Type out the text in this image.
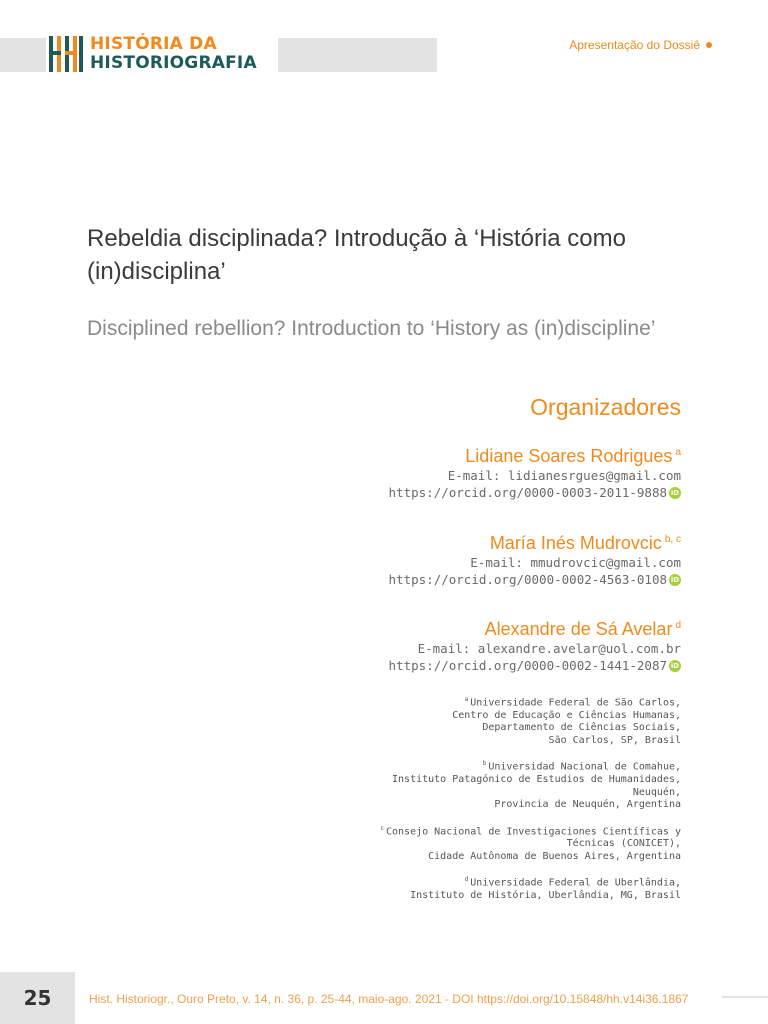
HISTÓRIA DA
HISTORIOGRAFIA
Apresentação do Dossiê
Rebeldia disciplinada? Introdução à ‘História como (in)disciplina’
Disciplined rebellion? Introduction to ‘History as (in)discipline’
Organizadores
Lidiane Soares Rodrigues $^a$
E-mail: lidianesrgues@gmail.com
https://orcid.org/0000-0003-2011-9888 iD
María Inés Mudrovcic $^{b, c}$
E-mail: mmudrovcic@gmail.com
https://orcid.org/0000-0002-4563-0108 iD
Alexandre de Sá Avelar $^d$
E-mail: alexandre.avelar@uol.com.br
https://orcid.org/0000-0002-1441-2087 iD
$^a$ Universidade Federal de São Carlos,
Centro de Educação e Ciências Humanas,
Departamento de Ciências Sociais,
São Carlos, SP, Brasil
$^b$ Universidad Nacional de Comahue,
Instituto Patagónico de Estudios de Humanidades,
Neuquén,
Provincia de Neuquén, Argentina
$^c$ Consejo Nacional de Investigaciones Científicas y
Técnicas (CONICET),
Cidade Autônoma de Buenos Aires, Argentina
$^d$ Universidade Federal de Uberlândia,
Instituto de História, Uberlândia, MG, Brasil
25	Hist. Historiogr., Ouro Preto, v. 14, n. 36, p. 25-44, maio-ago. 2021 - DOI https://doi.org/10.15848/hh.v14i36.1867
